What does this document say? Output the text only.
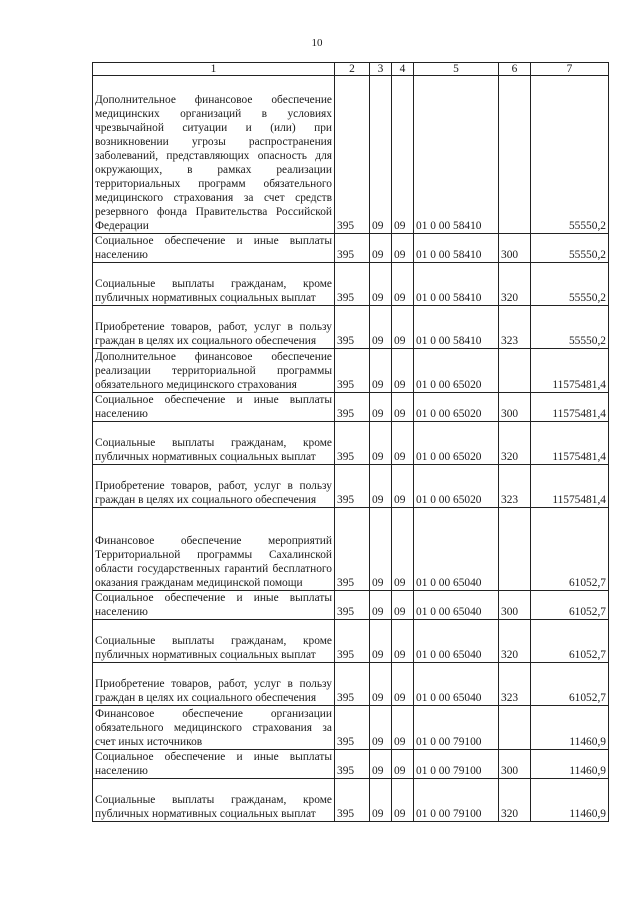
10
1	2	3	4	5	6	7
Дополнительное финансовое обеспечение медицинских организаций в условиях чрезвычайной ситуации и (или) при возникновении угрозы распространения заболеваний, представляющих опасность для окружающих, в рамках реализации территориальных программ обязательного медицинского страхования за счет средств резервного фонда Правительства Российской Федерации	395	09	09	01 0 00 58410		55550,2
Социальное обеспечение и иные выплаты населению	395	09	09	01 0 00 58410	300	55550,2
Социальные выплаты гражданам, кроме публичных нормативных социальных выплат	395	09	09	01 0 00 58410	320	55550,2
Приобретение товаров, работ, услуг в пользу граждан в целях их социального обеспечения	395	09	09	01 0 00 58410	323	55550,2
Дополнительное финансовое обеспечение реализации территориальной программы обязательного медицинского страхования	395	09	09	01 0 00 65020		11575481,4
Социальное обеспечение и иные выплаты населению	395	09	09	01 0 00 65020	300	11575481,4
Социальные выплаты гражданам, кроме публичных нормативных социальных выплат	395	09	09	01 0 00 65020	320	11575481,4
Приобретение товаров, работ, услуг в пользу граждан в целях их социального обеспечения	395	09	09	01 0 00 65020	323	11575481,4
Финансовое обеспечение мероприятий Территориальной программы Сахалинской области государственных гарантий бесплатного оказания гражданам медицинской помощи	395	09	09	01 0 00 65040		61052,7
Социальное обеспечение и иные выплаты населению	395	09	09	01 0 00 65040	300	61052,7
Социальные выплаты гражданам, кроме публичных нормативных социальных выплат	395	09	09	01 0 00 65040	320	61052,7
Приобретение товаров, работ, услуг в пользу граждан в целях их социального обеспечения	395	09	09	01 0 00 65040	323	61052,7
Финансовое обеспечение организации обязательного медицинского страхования за счет иных источников	395	09	09	01 0 00 79100		11460,9
Социальное обеспечение и иные выплаты населению	395	09	09	01 0 00 79100	300	11460,9
Социальные выплаты гражданам, кроме публичных нормативных социальных выплат	395	09	09	01 0 00 79100	320	11460,9
